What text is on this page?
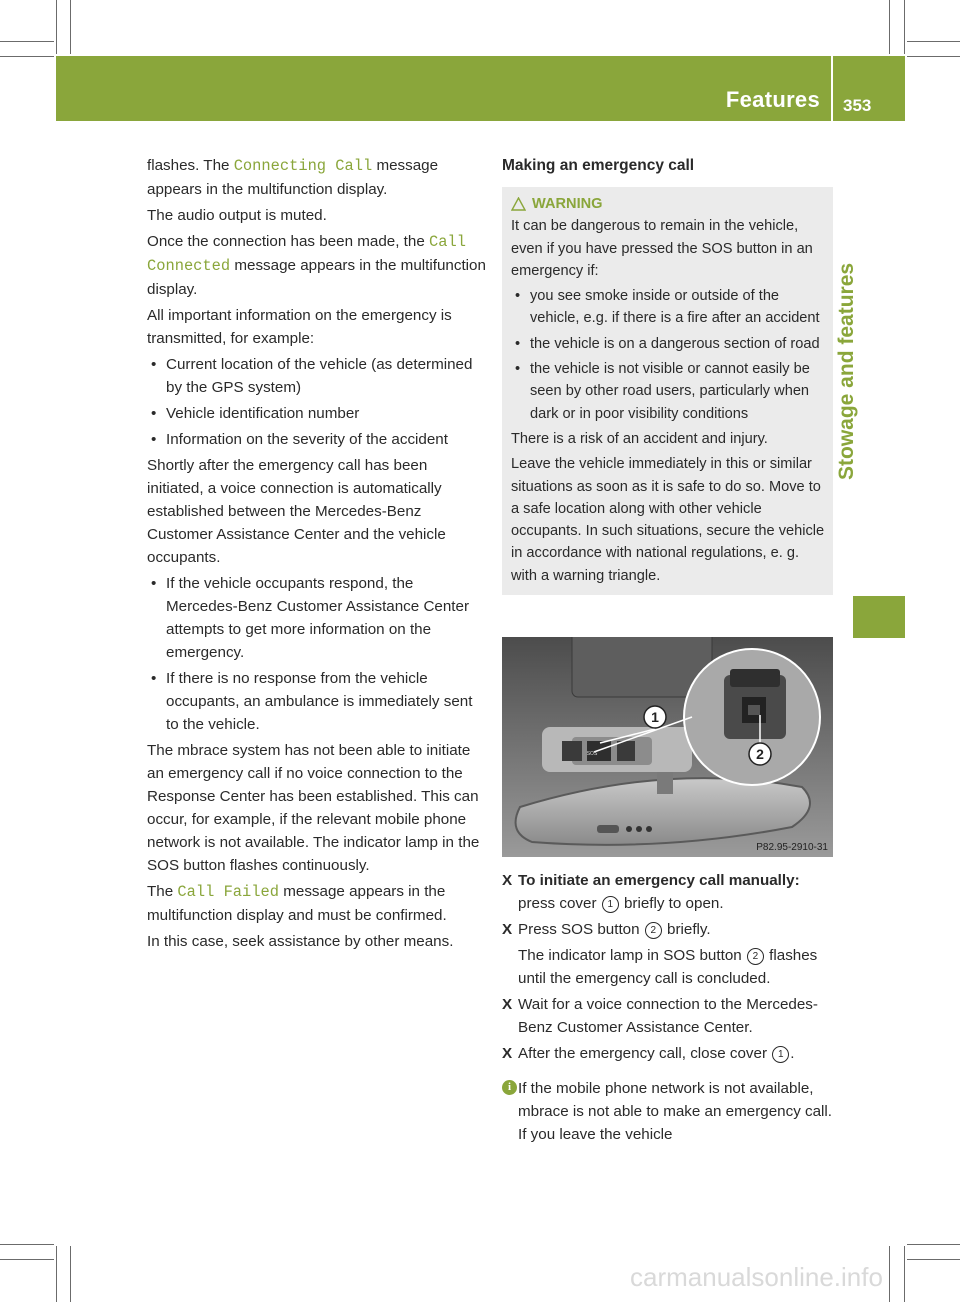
Features 353
Stowage and features

flashes. The Connecting Call message appears in the multifunction display.

The audio output is muted.

Once the connection has been made, the Call Connected message appears in the multifunction display.

All important information on the emergency is transmitted, for example:

• Current location of the vehicle (as determined by the GPS system)
• Vehicle identification number
• Information on the severity of the accident

Shortly after the emergency call has been initiated, a voice connection is automatically established between the Mercedes-Benz Customer Assistance Center and the vehicle occupants.

• If the vehicle occupants respond, the Mercedes-Benz Customer Assistance Center attempts to get more information on the emergency.
• If there is no response from the vehicle occupants, an ambulance is immediately sent to the vehicle.

The mbrace system has not been able to initiate an emergency call if no voice connection to the Response Center has been established. This can occur, for example, if the relevant mobile phone network is not available. The indicator lamp in the SOS button flashes continuously.

The Call Failed message appears in the multifunction display and must be confirmed.

In this case, seek assistance by other means.

Making an emergency call
WARNING

It can be dangerous to remain in the vehicle, even if you have pressed the SOS button in an emergency if:

• you see smoke inside or outside of the vehicle, e.g. if there is a fire after an accident
• the vehicle is on a dangerous section of road
• the vehicle is not visible or cannot easily be seen by other road users, particularly when dark or in poor visibility conditions

There is a risk of an accident and injury.

Leave the vehicle immediately in this or similar situations as soon as it is safe to do so. Move to a safe location along with other vehicle occupants. In such situations, secure the vehicle in accordance with national regulations, e. g. with a warning triangle.

1
2
SOS
P82.95-2910-31
X To initiate an emergency call manually: press cover 1 briefly to open.
X Press SOS button 2 briefly.
The indicator lamp in SOS button 2 flashes until the emergency call is concluded.
X Wait for a voice connection to the Mercedes-Benz Customer Assistance Center.
X After the emergency call, close cover 1 .
i If the mobile phone network is not available, mbrace is not able to make an emergency call. If you leave the vehicle
carmanualsonline.info
